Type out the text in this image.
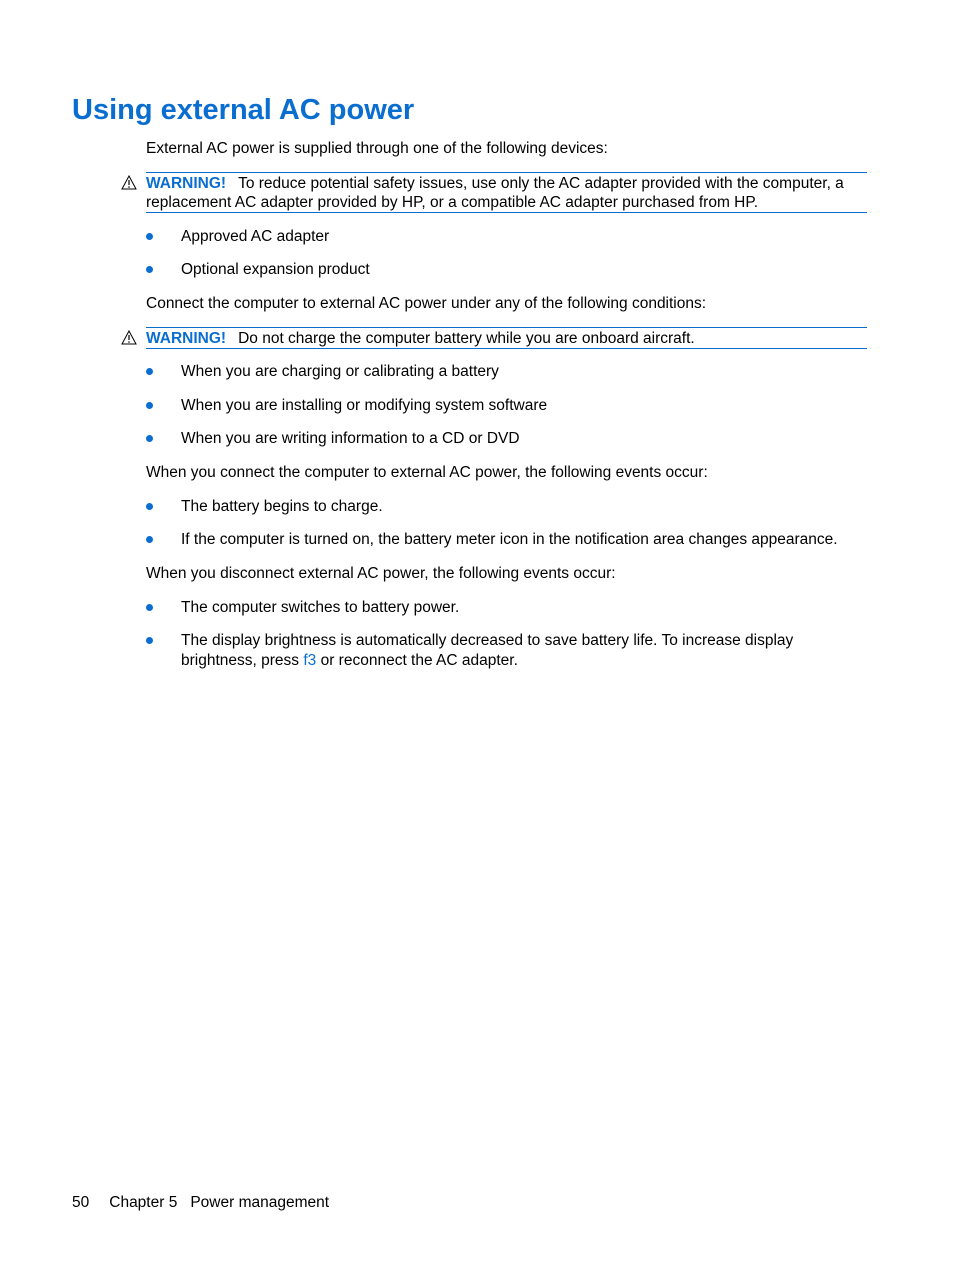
Using external AC power

External AC power is supplied through one of the following devices:

WARNING! To reduce potential safety issues, use only the AC adapter provided with the computer, a replacement AC adapter provided by HP, or a compatible AC adapter purchased from HP.
Approved AC adapter
Optional expansion product

Connect the computer to external AC power under any of the following conditions:

WARNING! Do not charge the computer battery while you are onboard aircraft.
When you are charging or calibrating a battery
When you are installing or modifying system software
When you are writing information to a CD or DVD

When you connect the computer to external AC power, the following events occur:

The battery begins to charge.
If the computer is turned on, the battery meter icon in the notification area changes appearance.

When you disconnect external AC power, the following events occur:

The computer switches to battery power.
The display brightness is automatically decreased to save battery life. To increase display brightness, press f3 or reconnect the AC adapter.
50 Chapter 5 Power management
